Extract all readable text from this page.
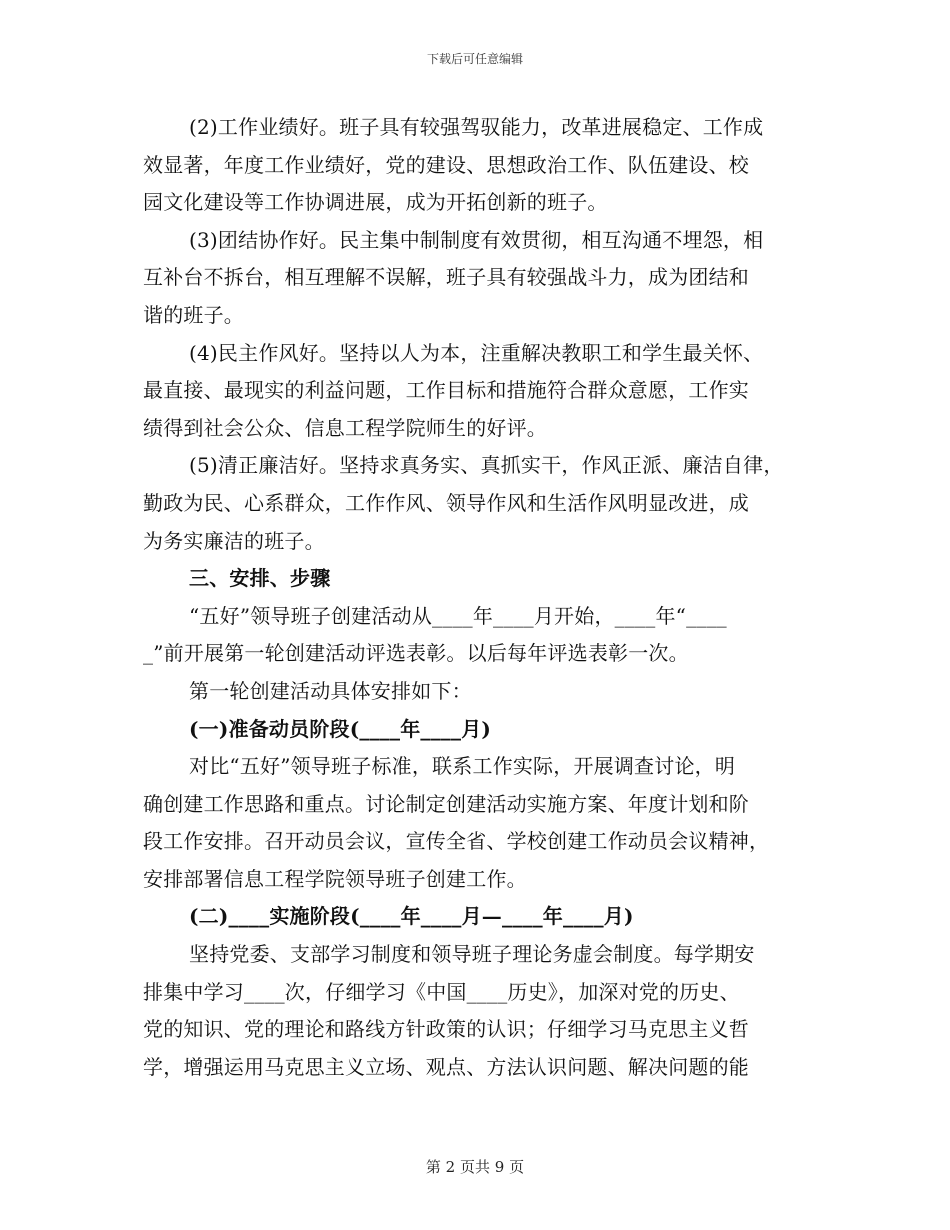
下载后可任意编辑
(2)工作业绩好。班子具有较强驾驭能力，改革进展稳定、工作成
效显著，年度工作业绩好，党的建设、思想政治工作、队伍建设、校
园文化建设等工作协调进展，成为开拓创新的班子。
(3)团结协作好。民主集中制制度有效贯彻，相互沟通不埋怨，相
互补台不拆台，相互理解不误解，班子具有较强战斗力，成为团结和
谐的班子。
(4)民主作风好。坚持以人为本，注重解决教职工和学生最关怀、
最直接、最现实的利益问题，工作目标和措施符合群众意愿，工作实
绩得到社会公众、信息工程学院师生的好评。
(5)清正廉洁好。坚持求真务实、真抓实干，作风正派、廉洁自律，
勤政为民、心系群众，工作作风、领导作风和生活作风明显改进，成
为务实廉洁的班子。
三、安排、步骤
“五好”领导班子创建活动从____年____月开始，____年“____
_”前开展第一轮创建活动评选表彰。以后每年评选表彰一次。
第一轮创建活动具体安排如下：
(一)准备动员阶段(____年____月)
对比“五好”领导班子标准，联系工作实际，开展调查讨论，明
确创建工作思路和重点。讨论制定创建活动实施方案、年度计划和阶
段工作安排。召开动员会议，宣传全省、学校创建工作动员会议精神，
安排部署信息工程学院领导班子创建工作。
(二)____实施阶段(____年____月—____年____月)
坚持党委、支部学习制度和领导班子理论务虚会制度。每学期安
排集中学习____次，仔细学习《中国____历史》，加深对党的历史、
党的知识、党的理论和路线方针政策的认识；仔细学习马克思主义哲
学，增强运用马克思主义立场、观点、方法认识问题、解决问题的能
第 2 页共 9 页
